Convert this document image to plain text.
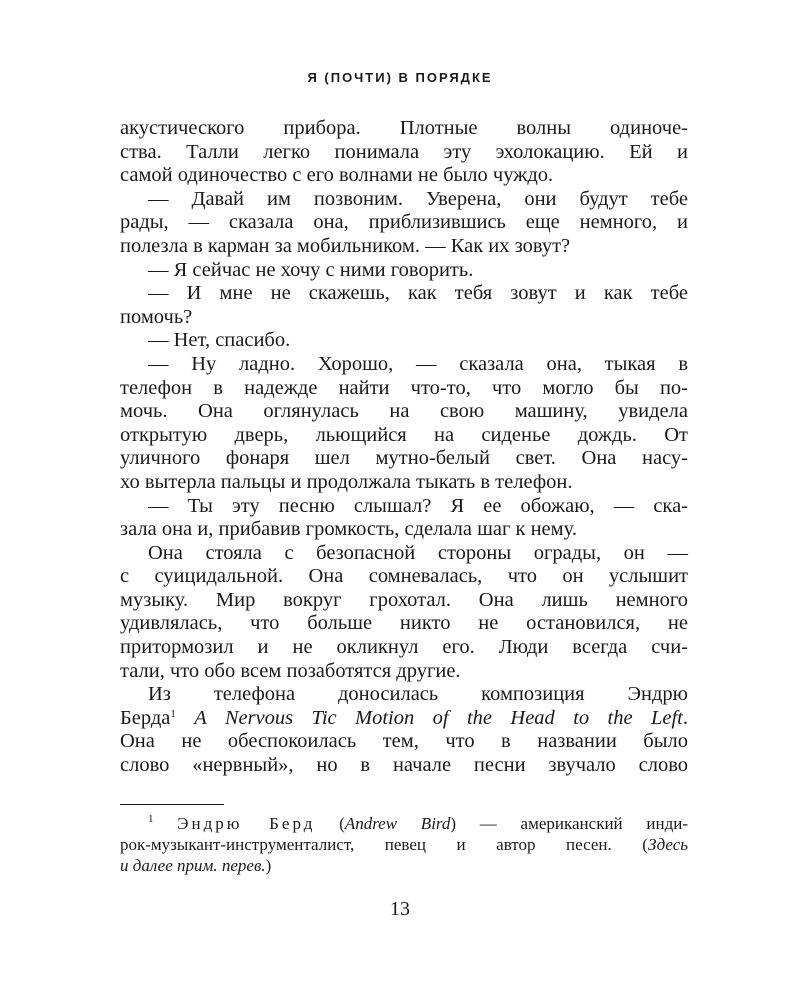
Я (ПОЧТИ) В ПОРЯДКЕ
акустического прибора. Плотные волны одиноче-
ства. Талли легко понимала эту эхолокацию. Ей и
самой одиночество с его волнами не было чуждо.
— Давай им позвоним. Уверена, они будут тебе
рады, — сказала она, приблизившись еще немного, и
полезла в карман за мобильником. — Как их зовут?
— Я сейчас не хочу с ними говорить.
— И мне не скажешь, как тебя зовут и как тебе
помочь?
— Нет, спасибо.
— Ну ладно. Хорошо, — сказала она, тыкая в
телефон в надежде найти что-то, что могло бы по-
мочь. Она оглянулась на свою машину, увидела
открытую дверь, льющийся на сиденье дождь. От
уличного фонаря шел мутно-белый свет. Она насу-
хо вытерла пальцы и продолжала тыкать в телефон.
— Ты эту песню слышал? Я ее обожаю, — ска-
зала она и, прибавив громкость, сделала шаг к нему.
Она стояла с безопасной стороны ограды, он —
с суицидальной. Она сомневалась, что он услышит
музыку. Мир вокруг грохотал. Она лишь немного
удивлялась, что больше никто не остановился, не
притормозил и не окликнул его. Люди всегда счи-
тали, что обо всем позаботятся другие.
Из телефона доносилась композиция Эндрю
Берда$^1$ A Nervous Tic Motion of the Head to the Left.
Она не обеспокоилась тем, что в названии было
слово «нервный», но в начале песни звучало слово
$^1$ Эндрю Берд (Andrew Bird) — американский инди-
рок-музыкант-инструменталист, певец и автор песен. (Здесь
и далее прим. перев.)
13
